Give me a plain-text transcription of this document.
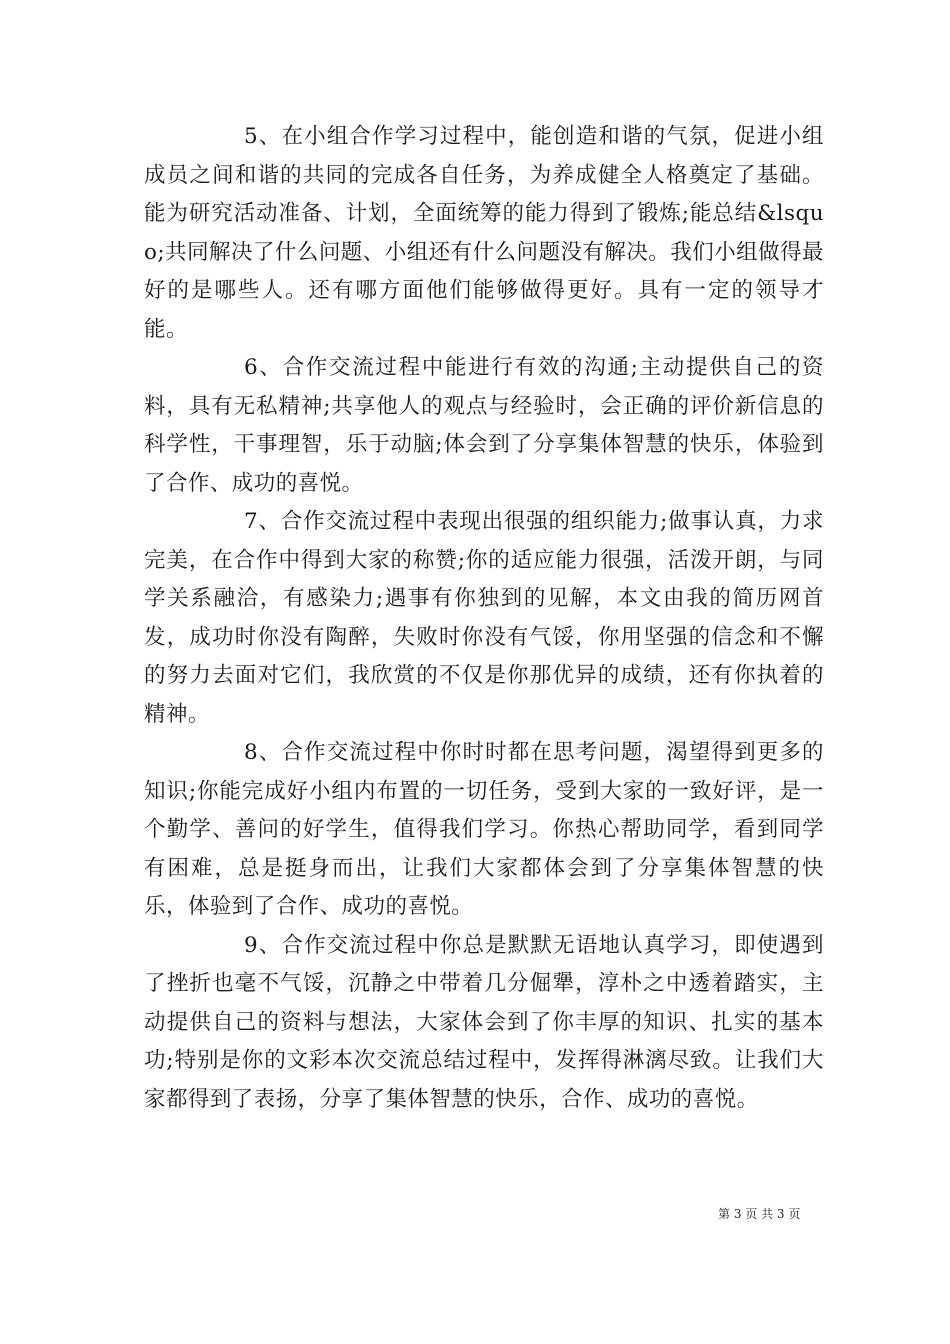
5、在小组合作学习过程中，能创造和谐的气氛，促进小组成员之间和谐的共同的完成各自任务，为养成健全人格奠定了基础。能为研究活动准备、计划，全面统筹的能力得到了锻炼;能总结&lsquo;共同解决了什么问题、小组还有什么问题没有解决。我们小组做得最好的是哪些人。还有哪方面他们能够做得更好。具有一定的领导才能。

6、合作交流过程中能进行有效的沟通;主动提供自己的资料，具有无私精神;共享他人的观点与经验时，会正确的评价新信息的科学性，干事理智，乐于动脑;体会到了分享集体智慧的快乐，体验到了合作、成功的喜悦。

7、合作交流过程中表现出很强的组织能力;做事认真，力求完美，在合作中得到大家的称赞;你的适应能力很强，活泼开朗，与同学关系融洽，有感染力;遇事有你独到的见解，本文由我的简历网首发，成功时你没有陶醉，失败时你没有气馁，你用坚强的信念和不懈的努力去面对它们，我欣赏的不仅是你那优异的成绩，还有你执着的精神。

8、合作交流过程中你时时都在思考问题，渴望得到更多的知识;你能完成好小组内布置的一切任务，受到大家的一致好评，是一个勤学、善问的好学生，值得我们学习。你热心帮助同学，看到同学有困难，总是挺身而出，让我们大家都体会到了分享集体智慧的快乐，体验到了合作、成功的喜悦。

9、合作交流过程中你总是默默无语地认真学习，即使遇到了挫折也毫不气馁，沉静之中带着几分倔犟，淳朴之中透着踏实，主动提供自己的资料与想法，大家体会到了你丰厚的知识、扎实的基本功;特别是你的文彩本次交流总结过程中，发挥得淋漓尽致。让我们大家都得到了表扬，分享了集体智慧的快乐，合作、成功的喜悦。

第 3 页 共 3 页
